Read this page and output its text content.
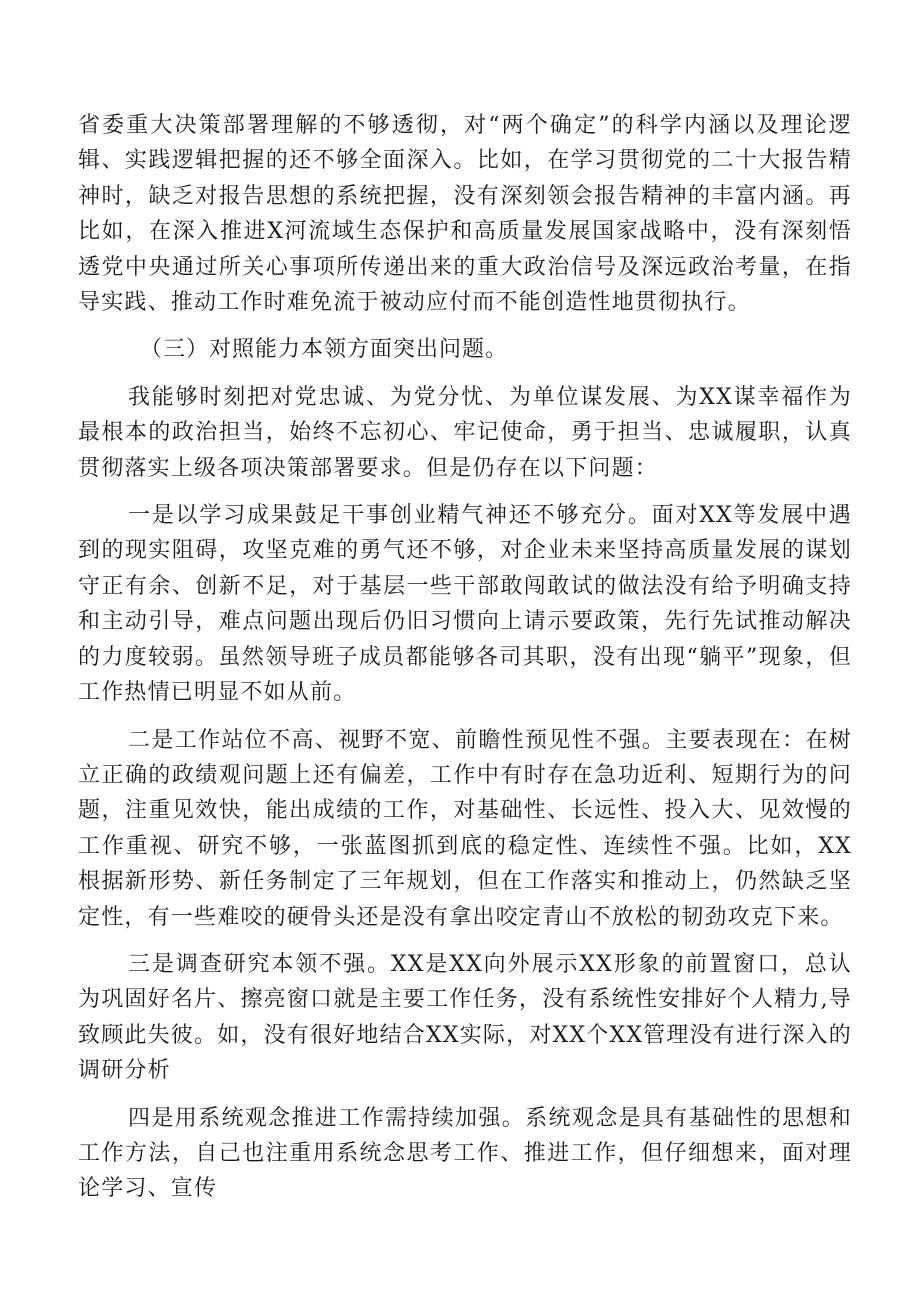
省委重大决策部署理解的不够透彻，对“两个确定”的科学内涵以及理论逻辑、实践逻辑把握的还不够全面深入。比如，在学习贯彻党的二十大报告精神时，缺乏对报告思想的系统把握，没有深刻领会报告精神的丰富内涵。再比如，在深入推进X河流域生态保护和高质量发展国家战略中，没有深刻悟透党中央通过所关心事项所传递出来的重大政治信号及深远政治考量，在指导实践、推动工作时难免流于被动应付而不能创造性地贯彻执行。

（三）对照能力本领方面突出问题。

我能够时刻把对党忠诚、为党分忧、为单位谋发展、为XX谋幸福作为最根本的政治担当，始终不忘初心、牢记使命，勇于担当、忠诚履职，认真贯彻落实上级各项决策部署要求。但是仍存在以下问题：

一是以学习成果鼓足干事创业精气神还不够充分。面对XX等发展中遇到的现实阻碍，攻坚克难的勇气还不够，对企业未来坚持高质量发展的谋划守正有余、创新不足，对于基层一些干部敢闯敢试的做法没有给予明确支持和主动引导，难点问题出现后仍旧习惯向上请示要政策，先行先试推动解决的力度较弱。虽然领导班子成员都能够各司其职，没有出现“躺平”现象，但工作热情已明显不如从前。

二是工作站位不高、视野不宽、前瞻性预见性不强。主要表现在：在树立正确的政绩观问题上还有偏差，工作中有时存在急功近利、短期行为的问题，注重见效快，能出成绩的工作，对基础性、长远性、投入大、见效慢的工作重视、研究不够，一张蓝图抓到底的稳定性、连续性不强。比如，XX根据新形势、新任务制定了三年规划，但在工作落实和推动上，仍然缺乏坚定性，有一些难咬的硬骨头还是没有拿出咬定青山不放松的韧劲攻克下来。

三是调查研究本领不强。XX是XX向外展示XX形象的前置窗口，总认为巩固好名片、擦亮窗口就是主要工作任务，没有系统性安排好个人精力,导致顾此失彼。如，没有很好地结合XX实际，对XX个XX管理没有进行深入的调研分析

四是用系统观念推进工作需持续加强。系统观念是具有基础性的思想和工作方法，自己也注重用系统念思考工作、推进工作，但仔细想来，面对理论学习、宣传
